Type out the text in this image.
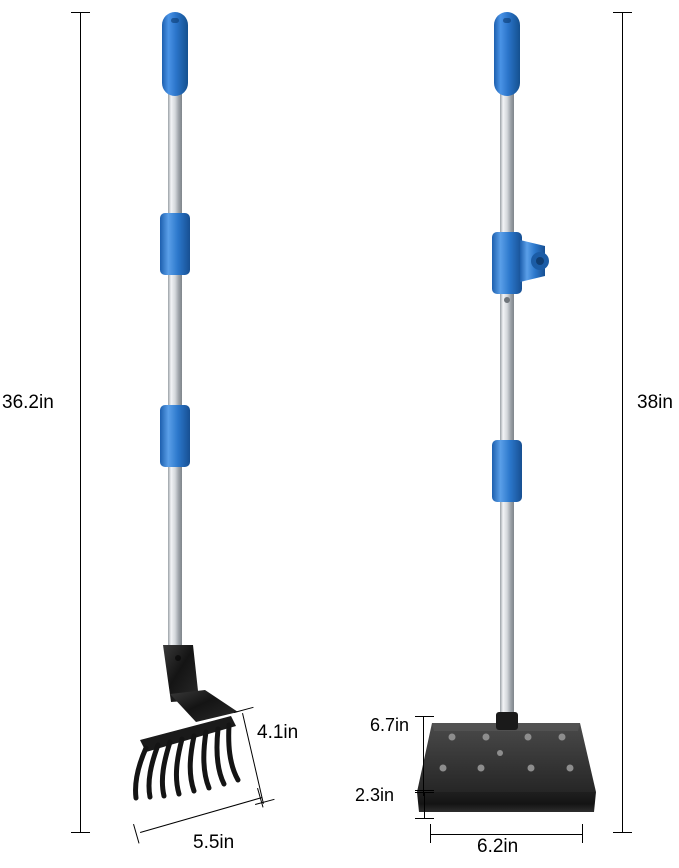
36.2in	38in
4.1in
5.5in
6.7in
2.3in
6.2in
